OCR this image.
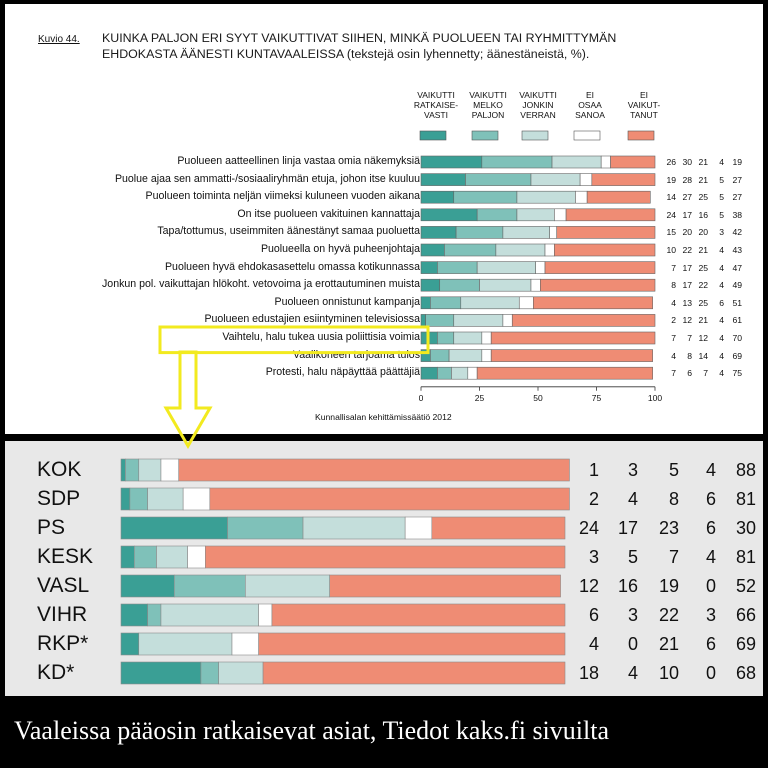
Kuvio 44. KUINKA PALJON ERI SYYT VAIKUTTIVAT SIIHEN, MINKÄ PUOLUEEN TAI RYHMITTYMÄN
EHDOKASTA ÄÄNESTI KUNTAVAALEISSA (tekstejä osin lyhennetty; äänestäneistä, %).
VAIKUTTI
RATKAISE-
VASTI
VAIKUTTI
MELKO
PALJON
VAIKUTTI
JONKIN
VERRAN
EI
OSAA
SANOA
EI
VAIKUT-
TANUT
0	25	50	75	100
Puolueen aatteellinen linja vastaa omia näkemyksiä	26 30 21	4 19
Puolue ajaa sen ammatti-/sosiaaliryhmän etuja, johon itse kuuluu	19 28 21	5 27
Puolueen toiminta neljän viimeksi kuluneen vuoden aikana	14 27 25	5 27
On itse puolueen vakituinen kannattaja	24 17 16	5 38
Tapa/tottumus, useimmiten äänestänyt samaa puoluetta	15 20 20	3 42
Puolueella on hyvä puheenjohtaja	10 22 21	4 43
Puolueen hyvä ehdokasasettelu omassa kotikunnassa	7 17 25	4 47
Jonkun pol. vaikuttajan hlökoht. vetovoima ja erottautuminen muista	8 17 22	4 49
Puolueen onnistunut kampanja	4 13 25	6 51
Puolueen edustajien esiintyminen televisiossa	2 12 21	4 61
Vaihtelu, halu tukea uusia poliittisia voimia	7	7 12	4 70
Vaalikoneen tarjoama tulos	4	8 14	4 69
Protesti, halu näpäyttää päättäjiä	7	6	7	4 75
Kunnallisalan kehittämissäätiö 2012
KOK	1	3	5	4	88
SDP	2	4	8	6	81
PS	24	17	23	6	30
KESK	3	5	7	4	81
VASL	12	16	19	0	52
VIHR	6	3	22	3	66
RKP*	4	0	21	6	69
KD*	18	4	10	0	68
Vaaleissa pääosin ratkaisevat asiat, Tiedot kaks.fi sivuilta
